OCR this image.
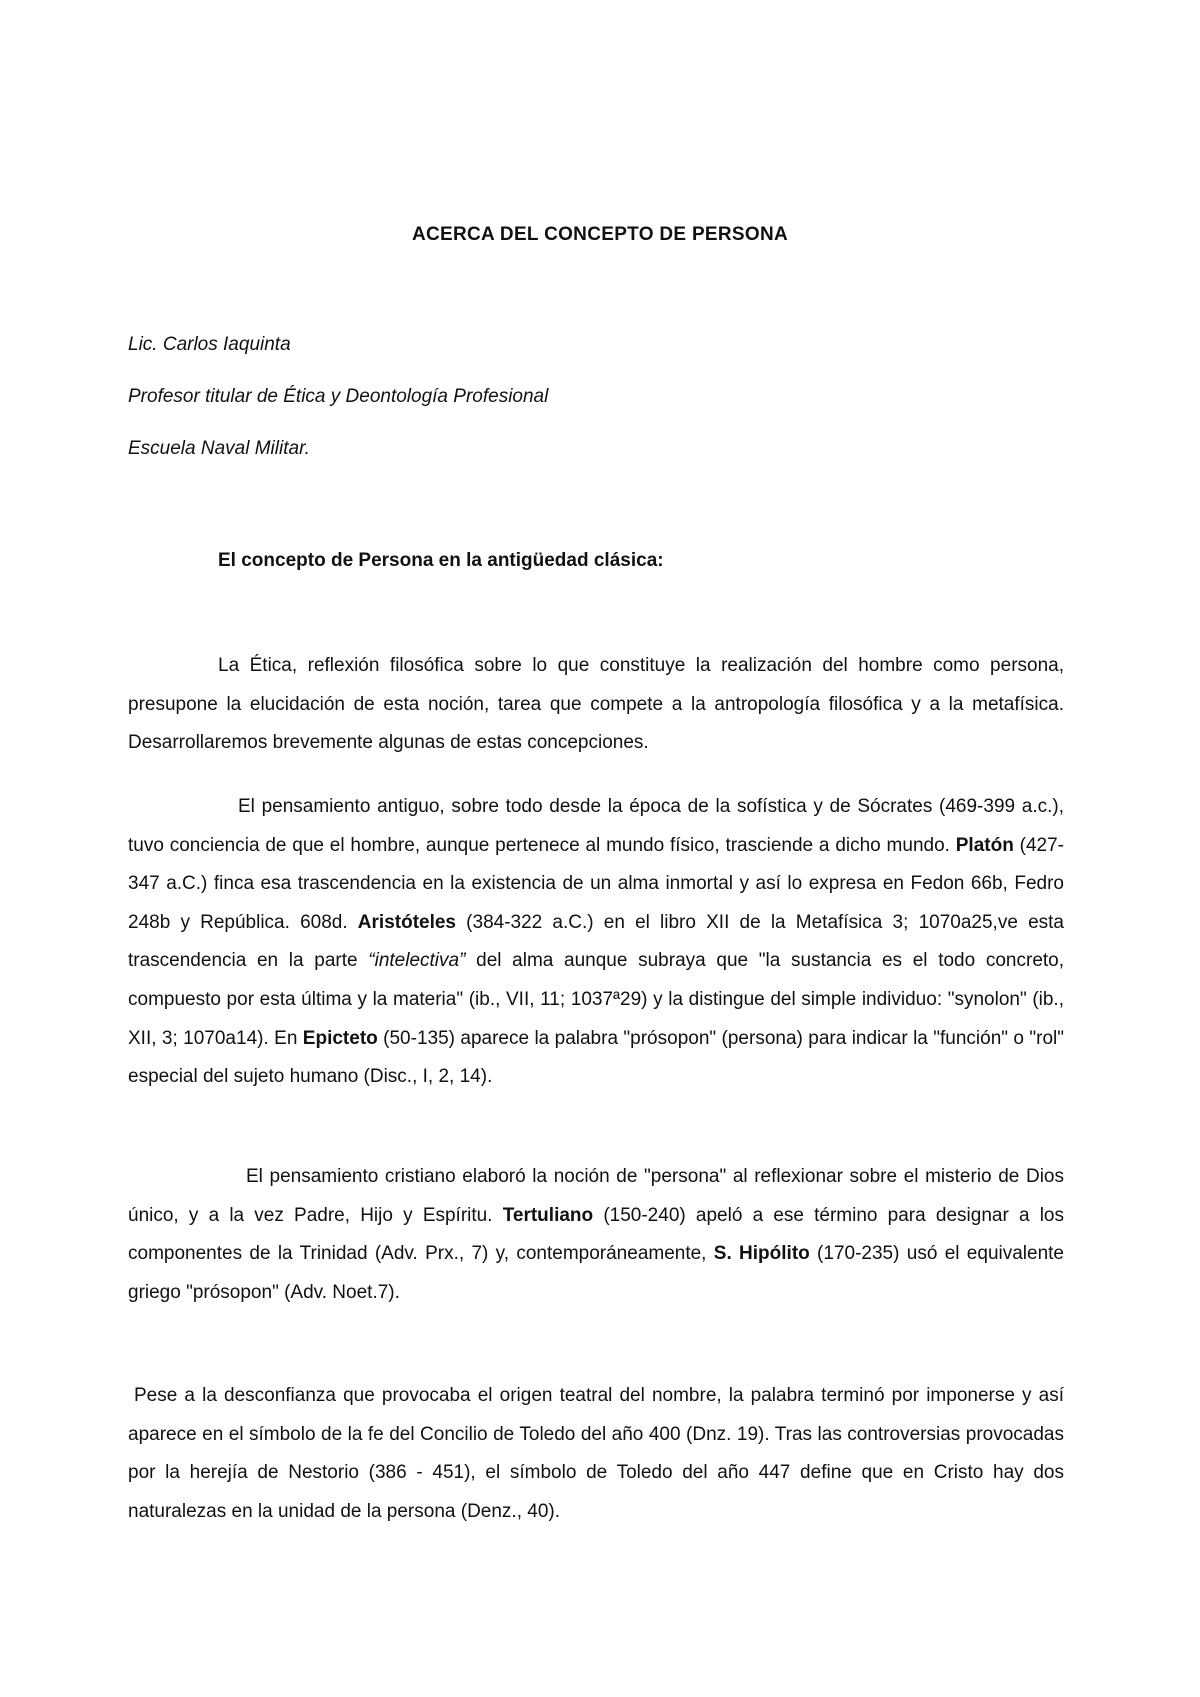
ACERCA DEL CONCEPTO DE PERSONA

Lic. Carlos Iaquinta

Profesor titular de Ética y Deontología Profesional

Escuela Naval Militar.

El concepto de Persona en la antigüedad clásica:

La Ética, reflexión filosófica sobre lo que constituye la realización del hombre como persona, presupone la elucidación de esta noción, tarea que compete a la antropología filosófica y a la metafísica. Desarrollaremos brevemente algunas de estas concepciones.

El pensamiento antiguo, sobre todo desde la época de la sofística y de Sócrates (469-399 a.c.), tuvo conciencia de que el hombre, aunque pertenece al mundo físico, trasciende a dicho mundo. Platón (427- 347 a.C.) finca esa trascendencia en la existencia de un alma inmortal y así lo expresa en Fedon 66b, Fedro 248b y República. 608d. Aristóteles (384-322 a.C.) en el libro XII de la Metafísica 3; 1070a25,ve esta trascendencia en la parte “intelectiva” del alma aunque subraya que "la sustancia es el todo concreto, compuesto por esta última y la materia" (ib., VII, 11; 1037ª29) y la distingue del simple individuo: "synolon" (ib., XII, 3; 1070a14). En Epicteto (50-135) aparece la palabra "prósopon" (persona) para indicar la "función" o "rol" especial del sujeto humano (Disc., I, 2, 14).

El pensamiento cristiano elaboró la noción de "persona" al reflexionar sobre el misterio de Dios único, y a la vez Padre, Hijo y Espíritu. Tertuliano (150-240) apeló a ese término para designar a los componentes de la Trinidad (Adv. Prx., 7) y, contemporáneamente, S. Hipólito (170-235) usó el equivalente griego "prósopon" (Adv. Noet.7).

Pese a la desconfianza que provocaba el origen teatral del nombre, la palabra terminó por imponerse y así aparece en el símbolo de la fe del Concilio de Toledo del año 400 (Dnz. 19). Tras las controversias provocadas por la herejía de Nestorio (386 - 451), el símbolo de Toledo del año 447 define que en Cristo hay dos naturalezas en la unidad de la persona (Denz., 40).
